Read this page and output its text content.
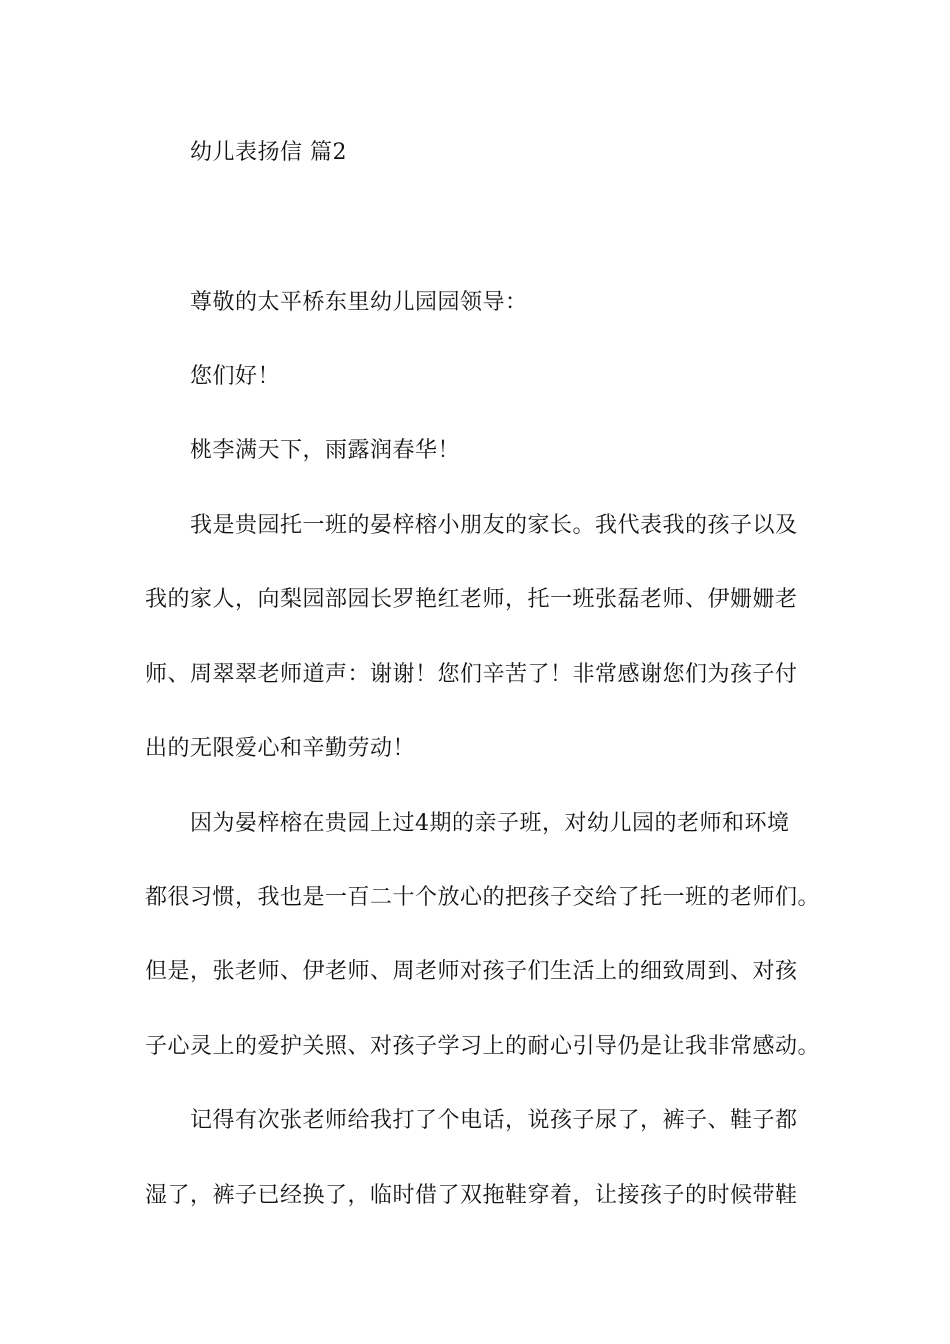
幼儿表扬信 篇2
尊敬的太平桥东里幼儿园园领导：
您们好！
桃李满天下，雨露润春华！
我是贵园托一班的晏梓榕小朋友的家长。我代表我的孩子以及
我的家人，向梨园部园长罗艳红老师，托一班张磊老师、伊姗姗老
师、周翠翠老师道声：谢谢！您们辛苦了！非常感谢您们为孩子付
出的无限爱心和辛勤劳动！
因为晏梓榕在贵园上过4期的亲子班，对幼儿园的老师和环境
都很习惯，我也是一百二十个放心的把孩子交给了托一班的老师们。
但是，张老师、伊老师、周老师对孩子们生活上的细致周到、对孩
子心灵上的爱护关照、对孩子学习上的耐心引导仍是让我非常感动。
记得有次张老师给我打了个电话，说孩子尿了，裤子、鞋子都
湿了，裤子已经换了，临时借了双拖鞋穿着，让接孩子的时候带鞋
